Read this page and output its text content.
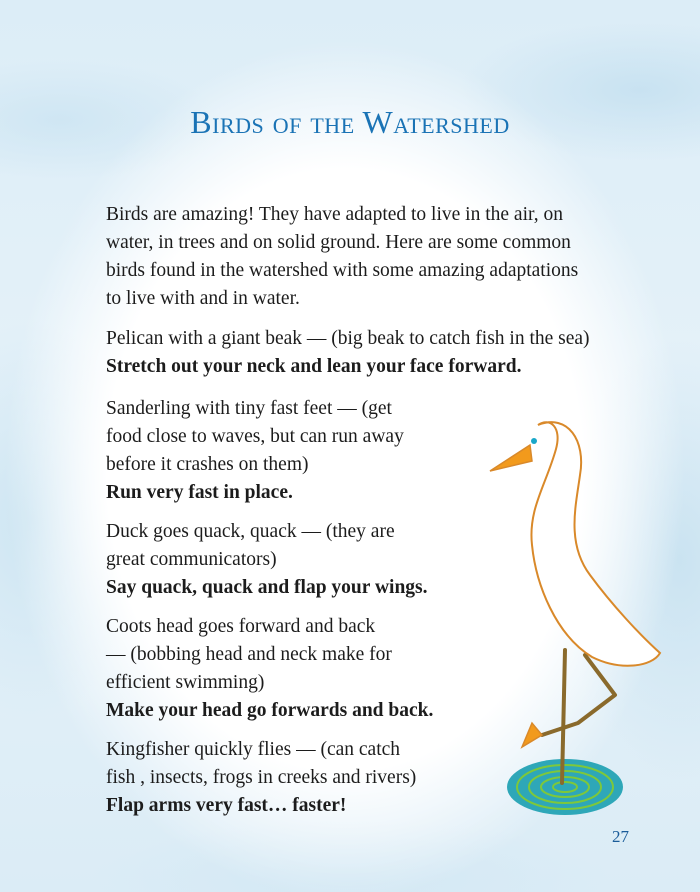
Birds of the Watershed

Birds are amazing! They have adapted to live in the air, on
water, in trees and on solid ground. Here are some common
birds found in the watershed with some amazing adaptations
to live with and in water.

Pelican with a giant beak — (big beak to catch fish in the sea)
Stretch out your neck and lean your face forward.

Sanderling with tiny fast feet — (get
food close to waves, but can run away
before it crashes on them)
Run very fast in place.

Duck goes quack, quack — (they are
great communicators)
Say quack, quack and flap your wings.

Coots head goes forward and back
— (bobbing head and neck make for
efficient swimming)
Make your head go forwards and back.

Kingfisher quickly flies — (can catch
fish , insects, frogs in creeks and rivers)
Flap arms very fast… faster!

27
